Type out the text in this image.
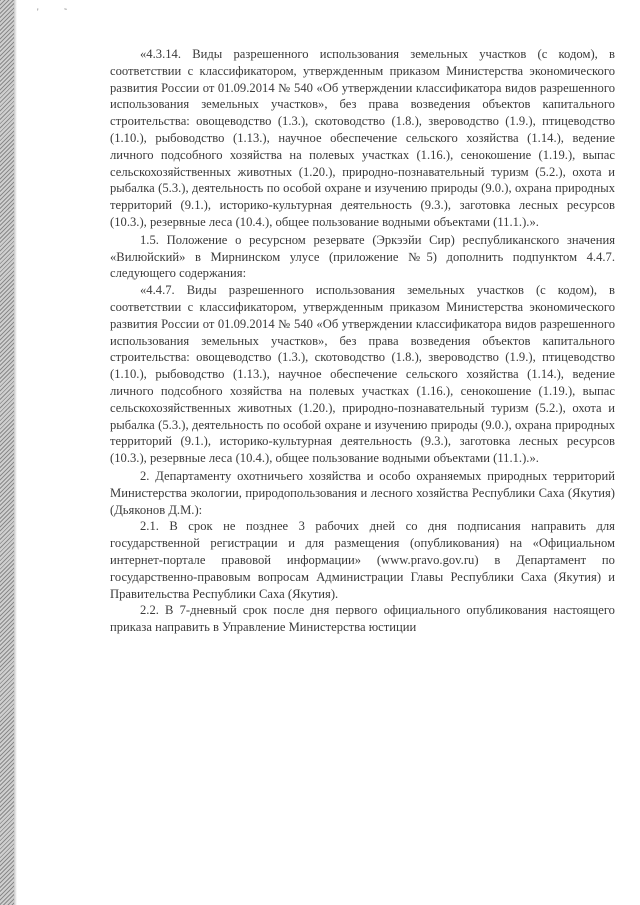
'	˜

«4.3.14. Виды разрешенного использования земельных участков (с кодом), в соответствии с классификатором, утвержденным приказом Министерства экономического развития России от 01.09.2014 № 540 «Об утверждении классификатора видов разрешенного использования земельных участков», без права возведения объектов капитального строительства: овощеводство (1.3.), скотоводство (1.8.), звероводство (1.9.), птицеводство (1.10.), рыбоводство (1.13.), научное обеспечение сельского хозяйства (1.14.), ведение личного подсобного хозяйства на полевых участках (1.16.), сенокошение (1.19.), выпас сельскохозяйственных животных (1.20.), природно-познавательный туризм (5.2.), охота и рыбалка (5.3.), деятельность по особой охране и изучению природы (9.0.), охрана природных территорий (9.1.), историко-культурная деятельность (9.3.), заготовка лесных ресурсов (10.3.), резервные леса (10.4.), общее пользование водными объектами (11.1.).».

1.5. Положение о ресурсном резервате (Эркээйи Сир) республиканского значения «Вилюйский» в Мирнинском улусе (приложение №5) дополнить подпунктом 4.4.7. следующего содержания:

«4.4.7. Виды разрешенного использования земельных участков (с кодом), в соответствии с классификатором, утвержденным приказом Министерства экономического развития России от 01.09.2014 № 540 «Об утверждении классификатора видов разрешенного использования земельных участков», без права возведения объектов капитального строительства: овощеводство (1.3.), скотоводство (1.8.), звероводство (1.9.), птицеводство (1.10.), рыбоводство (1.13.), научное обеспечение сельского хозяйства (1.14.), ведение личного подсобного хозяйства на полевых участках (1.16.), сенокошение (1.19.), выпас сельскохозяйственных животных (1.20.), природно-познавательный туризм (5.2.), охота и рыбалка (5.3.), деятельность по особой охране и изучению природы (9.0.), охрана природных территорий (9.1.), историко-культурная деятельность (9.3.), заготовка лесных ресурсов (10.3.), резервные леса (10.4.), общее пользование водными объектами (11.1.).».

2. Департаменту охотничьего хозяйства и особо охраняемых природных территорий Министерства экологии, природопользования и лесного хозяйства Республики Саха (Якутия) (Дьяконов Д.М.):

2.1. В срок не позднее 3 рабочих дней со дня подписания направить для государственной регистрации и для размещения (опубликования) на «Официальном интернет-портале правовой информации» (www.pravo.gov.ru) в Департамент по государственно-правовым вопросам Администрации Главы Республики Саха (Якутия) и Правительства Республики Саха (Якутия).

2.2. В 7-дневный срок после дня первого официального опубликования настоящего приказа направить в Управление Министерства юстиции
